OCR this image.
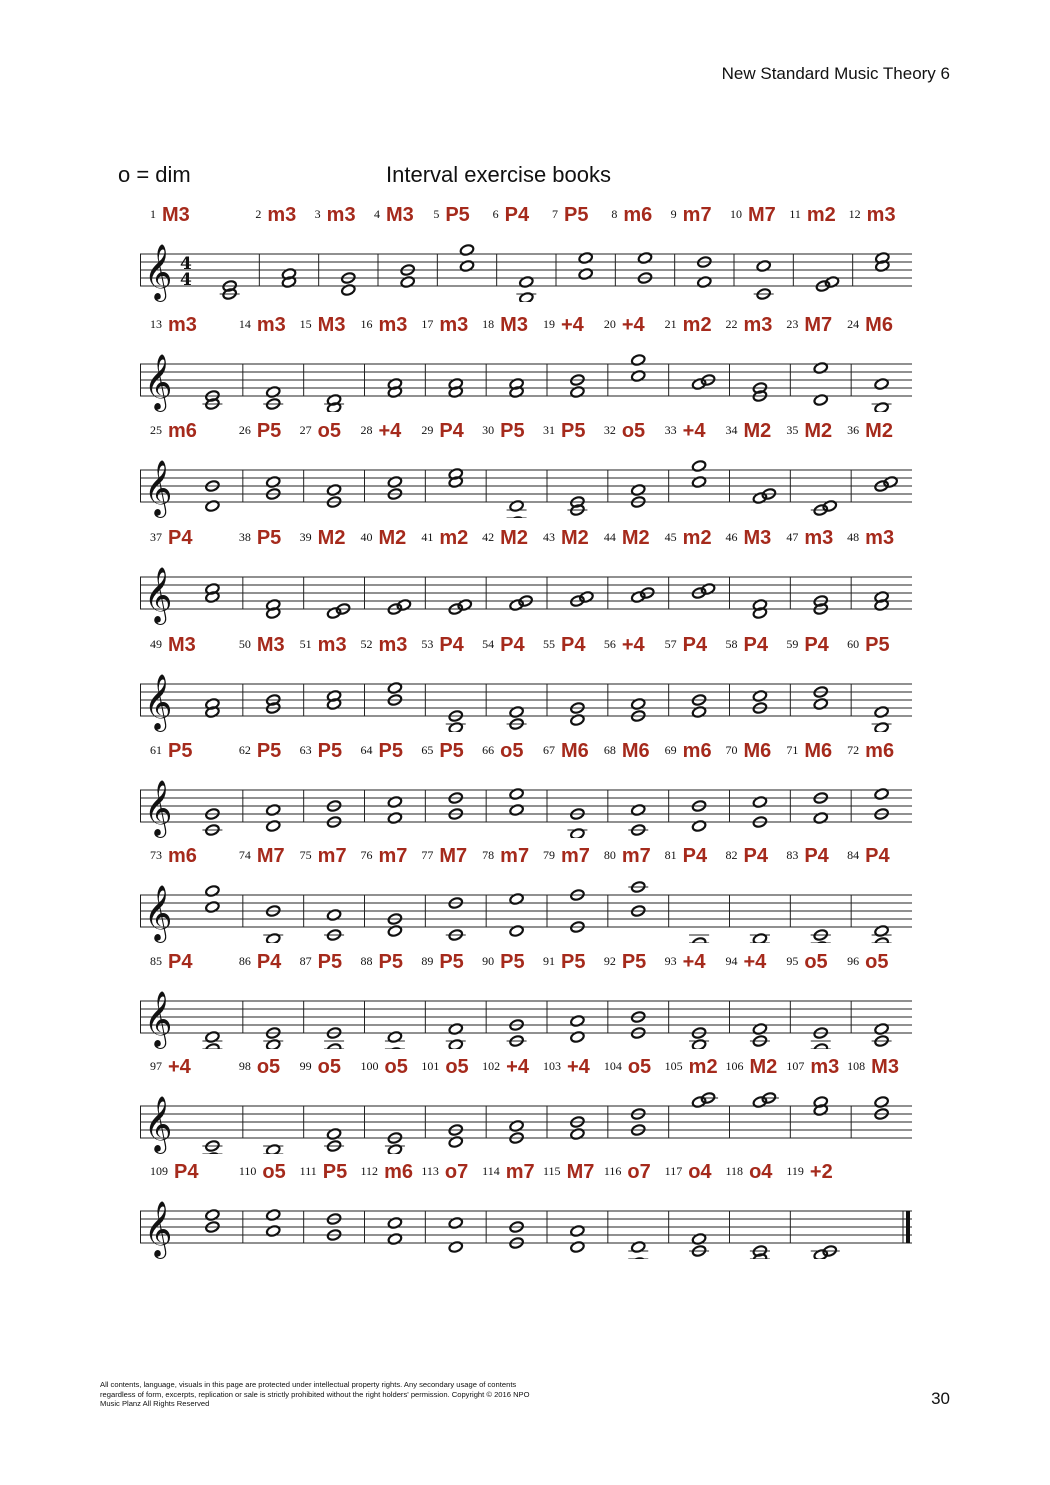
New Standard Music Theory 6
o = dim	Interval exercise books
1 M3	2 m3 3 m3 4 M3 5 P5 6 P4 7 P5 8 m6 9 m7 10 M7 11 m2 12 m3
𝄞 4
4
13 m3	14 m3 15 M3 16 m3 17 m3 18 M3 19 +4 20 +4 21 m2 22 m3 23 M7 24 M6
𝄞
25 m6	26 P5 27 o5 28 +4 29 P4 30 P5 31 P5 32 o5 33 +4 34 M2 35 M2 36 M2
𝄞
37 P4	38 P5 39 M2 40 M2 41 m2 42 M2 43 M2 44 M2 45 m2 46 M3 47 m3 48 m3
𝄞
49 M3	50 M3 51 m3 52 m3 53 P4 54 P4 55 P4 56 +4 57 P4 58 P4 59 P4 60 P5
𝄞
61 P5	62 P5 63 P5 64 P5 65 P5 66 o5 67 M6 68 M6 69 m6 70 M6 71 M6 72 m6
𝄞
73 m6	74 M7 75 m7 76 m7 77 M7 78 m7 79 m7 80 m7 81 P4 82 P4 83 P4 84 P4
𝄞
85 P4	86 P4 87 P5 88 P5 89 P5 90 P5 91 P5 92 P5 93 +4 94 +4 95 o5 96 o5
𝄞
97 +4	98 o5 99 o5 100 o5 101 o5 102 +4 103 +4 104 o5 105 m2 106 M2 107 m3 108 M3
𝄞
109 P4	110 o5 111 P5 112 m6 113 o7 114 m7 115 M7 116 o7 117 o4 118 o4 119 +2
𝄞
All contents, language, visuals in this page are protected under intellectual property rights. Any secondary usage of contents regardless of form, excerpts, replication or sale is strictly prohibited without the right holders' permission. Copyright © 2016 NPO Music Planz All Rights Reserved	30
